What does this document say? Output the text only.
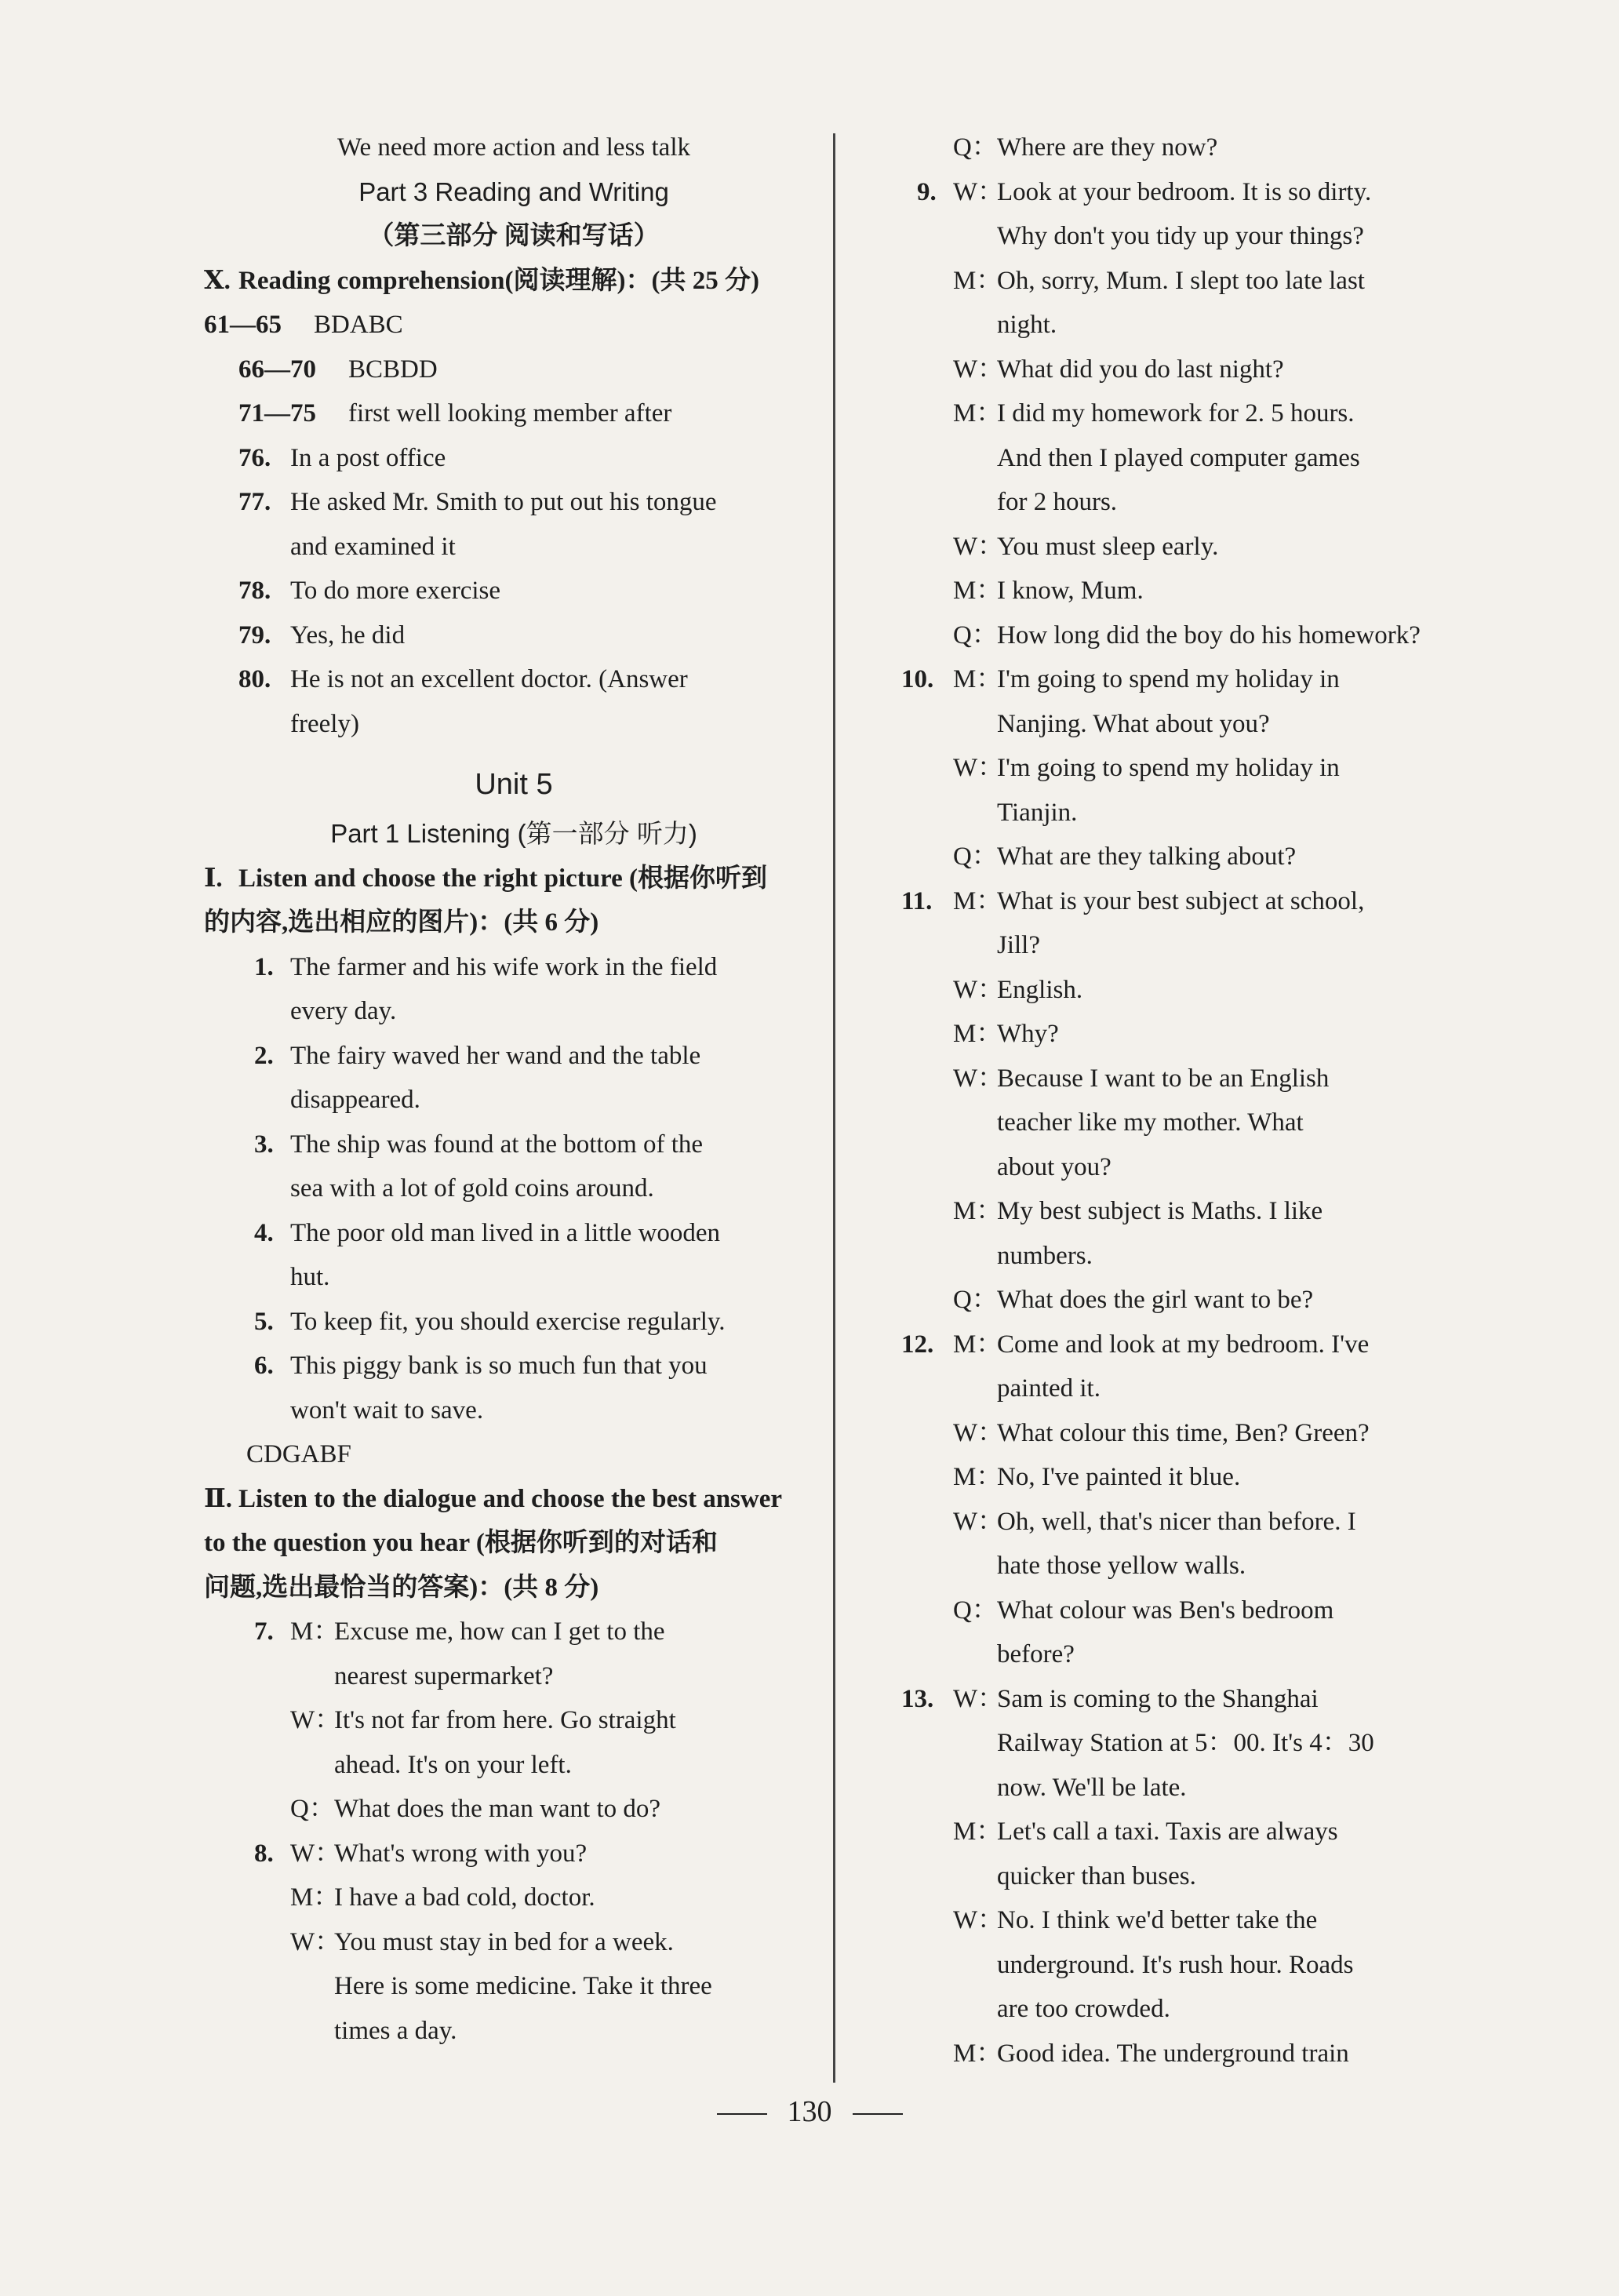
We need more action and less talk
Part 3 Reading and Writing
（第三部分 阅读和写话）
Ⅹ. Reading comprehension(阅读理解)：(共 25 分)
61—65 BDABC
66—70 BCBDD
71—75 first well looking member after
76. In a post office
77. He asked Mr. Smith to put out his tongue
and examined it
78. To do more exercise
79. Yes, he did
80. He is not an excellent doctor. (Answer
freely)
Unit 5
Part 1 Listening (第一部分 听力)
Ⅰ. Listen and choose the right picture (根据你听到
的内容,选出相应的图片)：(共 6 分)
1. The farmer and his wife work in the field
every day.
2. The fairy waved her wand and the table
disappeared.
3. The ship was found at the bottom of the
sea with a lot of gold coins around.
4. The poor old man lived in a little wooden
hut.
5. To keep fit, you should exercise regularly.
6. This piggy bank is so much fun that you
won't wait to save.
CDGABF
Ⅱ. Listen to the dialogue and choose the best answer
to the question you hear (根据你听到的对话和
问题,选出最恰当的答案)：(共 8 分)
7. M：
Excuse me, how can I get to the
nearest supermarket?
W：
It's not far from here. Go straight
ahead. It's on your left.
Q： What does the man want to do?
8. W：
What's wrong with you?
M：
I have a bad cold, doctor.
W：
You must stay in bed for a week.
Here is some medicine. Take it three
times a day.
Q： Where are they now?
9. W：
Look at your bedroom. It is so dirty.
Why don't you tidy up your things?
M：
Oh, sorry, Mum. I slept too late last
night.
W：
What did you do last night?
M：
I did my homework for 2. 5 hours.
And then I played computer games
for 2 hours.
W：
You must sleep early.
M：
I know, Mum.
Q： How long did the boy do his homework?
10. M：
I'm going to spend my holiday in
Nanjing. What about you?
W：
I'm going to spend my holiday in
Tianjin.
Q： What are they talking about?
11. M：
What is your best subject at school,
Jill?
W：
English.
M：
Why?
W：
Because I want to be an English
teacher like my mother. What
about you?
M：
My best subject is Maths. I like
numbers.
Q： What does the girl want to be?
12. M：
Come and look at my bedroom. I've
painted it.
W：
What colour this time, Ben? Green?
M：
No, I've painted it blue.
W：
Oh, well, that's nicer than before. I
hate those yellow walls.
Q： What colour was Ben's bedroom
before?
13. W：
Sam is coming to the Shanghai
Railway Station at 5：00. It's 4：30
now. We'll be late.
M：
Let's call a taxi. Taxis are always
quicker than buses.
W：
No. I think we'd better take the
underground. It's rush hour. Roads
are too crowded.
M：
Good idea. The underground train
130
